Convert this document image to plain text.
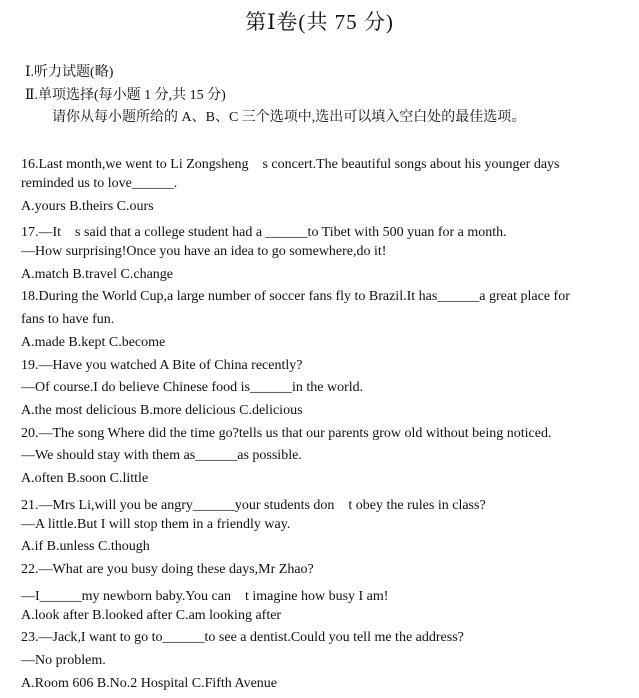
第Ⅰ卷(共 75 分)
Ⅰ.听力试题(略)
Ⅱ.单项选择(每小题 1 分,共 15 分)
请你从每小题所给的 A、B、C 三个选项中,选出可以填入空白处的最佳选项。
16.Last month,we went to Li Zongsheng　s concert.The beautiful songs about his younger days
reminded us to love______.
A.yours B.theirs C.ours
17.—It　s said that a college student had a ______to Tibet with 500 yuan for a month.
—How surprising!Once you have an idea to go somewhere,do it!
A.match B.travel C.change
18.During the World Cup,a large number of soccer fans fly to Brazil.It has______a great place for
fans to have fun.
A.made B.kept C.become
19.—Have you watched A Bite of China recently?
—Of course.I do believe Chinese food is______in the world.
A.the most delicious B.more delicious C.delicious
20.—The song Where did the time go?tells us that our parents grow old without being noticed.
—We should stay with them as______as possible.
A.often B.soon C.little
21.—Mrs Li,will you be angry______your students don　t obey the rules in class?
—A little.But I will stop them in a friendly way.
A.if B.unless C.though
22.—What are you busy doing these days,Mr Zhao?
—I______my newborn baby.You can　t imagine how busy I am!
A.look after B.looked after C.am looking after
23.—Jack,I want to go to______to see a dentist.Could you tell me the address?
—No problem.
A.Room 606 B.No.2 Hospital C.Fifth Avenue
